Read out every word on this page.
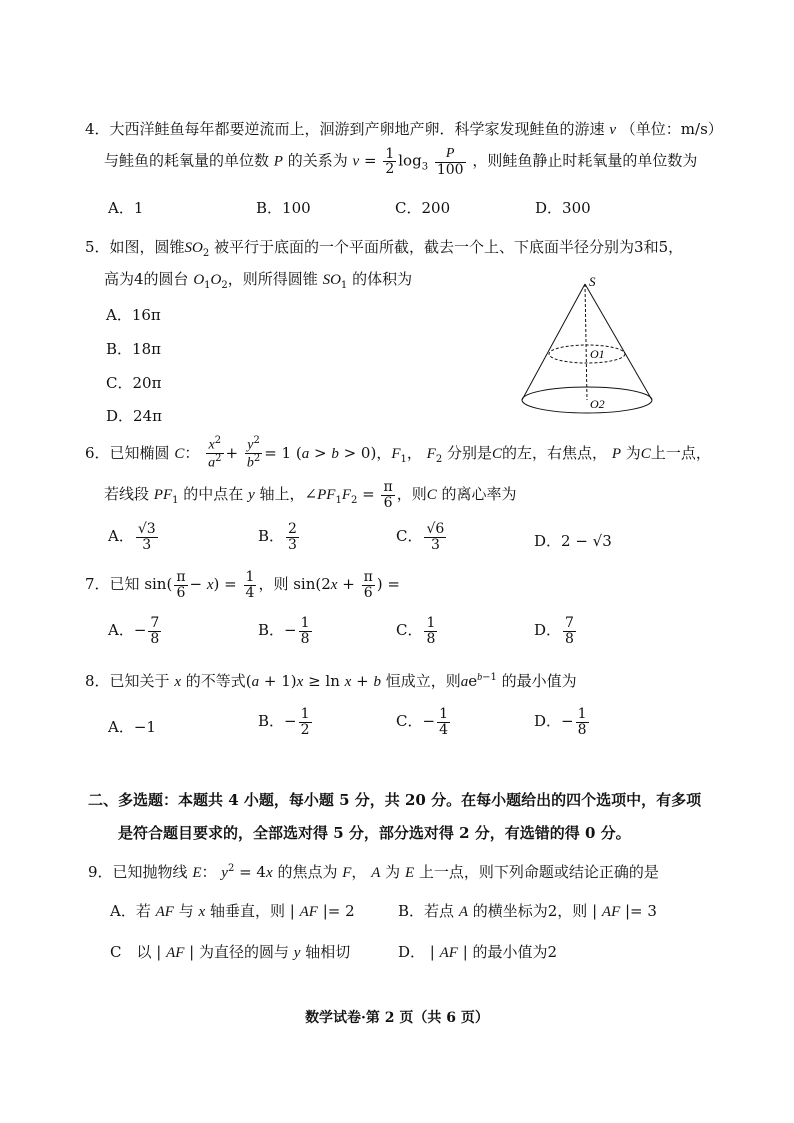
4．大西洋鲑鱼每年都要逆流而上，洄游到产卵地产卵．科学家发现鲑鱼的游速 v （单位：m/s）
与鲑鱼的耗氧量的单位数 P 的关系为 $v = \frac{1}{2} \log_3 \frac{P}{100}$ ，则鲑鱼静止时耗氧量的单位数为
A．1	B．100	C．200	D．300
5．如图，圆锥$SO_2$ 被平行于底面的一个平面所截，截去一个上、下底面半径分别为3和5，
高为4的圆台 $O_1O_2$，则所得圆锥 $SO_1$ 的体积为
A．16π
B．18π
C．20π
D．24π
S
O1
O2
6．已知椭圆 C： $\frac{x^2}{a^2} + \frac{y^2}{b^2} = 1$ (a > b > 0)，$F_1$， $F_2$ 分别是C的左，右焦点， P 为C上一点，
若线段 $PF_1$ 的中点在 y 轴上，$\angle PF_1F_2 = \frac{\pi}{6}$ ，则C 的离心率为
A． $\frac{√3}{3}$	B． $\frac{2}{3}$	C． $\frac{√6}{3}$	D．2 − √3
7．已知 $\sin( \frac{\pi}{6} - x) = \frac{1}{4}$ ，则 $\sin(2x + \frac{\pi}{6}$ ) =
A．− $\frac{7}{8}$	B．− $\frac{1}{8}$	C． $\frac{1}{8}$	D． $\frac{7}{8}$
8．已知关于 x 的不等式(a + 1)x ≥ ln x + b 恒成立，则$ae^{b-1}$ 的最小值为
A．−1	B．− $\frac{1}{2}$	C．− $\frac{1}{4}$	D．− $\frac{1}{8}$
二、多选题：本题共 4 小题，每小题 5 分，共 20 分。在每小题给出的四个选项中，有多项
是符合题目要求的，全部选对得 5 分，部分选对得 2 分，有选错的得 0 分。
9．已知抛物线 E： $y^2 = 4x$ 的焦点为 F， A 为 E 上一点，则下列命题或结论正确的是
A．若 AF 与 x 轴垂直，则 | AF |= 2	B．若点 A 的横坐标为2，则 | AF |= 3
C　以 | AF | 为直径的圆与 y 轴相切	D． | AF | 的最小值为2
数学试卷·第 2 页（共 6 页）
